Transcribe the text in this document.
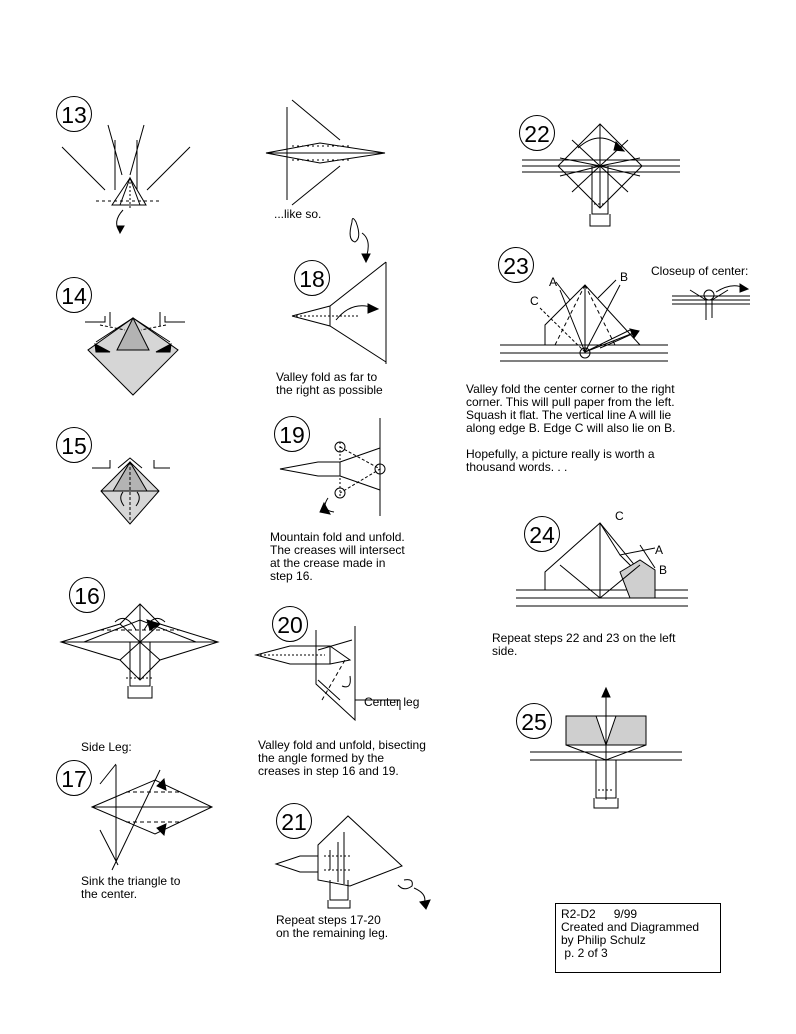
13
14
15
16
Side Leg:
17
Sink the triangle to
the center.
...like so.
18
Valley fold as far to
the right as possible
19
Mountain fold and unfold.
The creases will intersect
at the crease made in
step 16.
20
Center leg
Valley fold and unfold, bisecting
the angle formed by the
creases in step 16 and 19.
21
Repeat steps 17-20
on the remaining leg.
22
23
A	B
C
Closeup of center:
Valley fold the center corner to the right
corner. This will pull paper from the left.
Squash it flat. The vertical line A will lie
along edge B. Edge C will also lie on B.

Hopefully, a picture really is worth a
thousand words. . .
24
C
A
B
Repeat steps 22 and 23 on the left
side.
25
R2-D2 9/99
Created and Diagrammed
by Philip Schulz
p. 2 of 3
